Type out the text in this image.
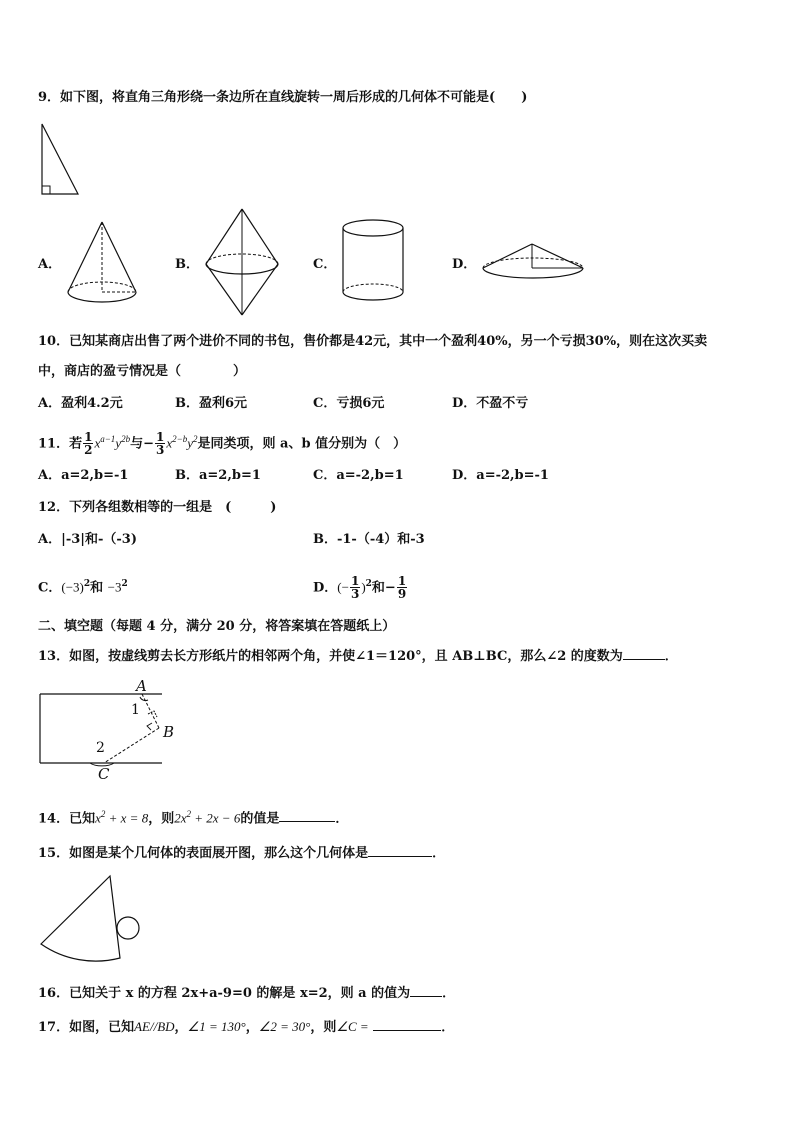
9．如下图，将直角三角形绕一条边所在直线旋转一周后形成的几何体不可能是(　　)
A．	B．	C．	D．
10．已知某商店出售了两个进价不同的书包，售价都是42元，其中一个盈利40%，另一个亏损30%，则在这次买卖
中，商店的盈亏情况是（　　　　）
A．盈利4.2元	B．盈利6元	C．亏损6元	D．不盈不亏
11．若 $\frac{1}{2} x^{a-1}y^{2b}$与− $\frac{1}{3} x^{2-b}y^2$是同类项，则 a、b 值分别为（　）
A．a=2,b=-1	B．a=2,b=1	C．a=-2,b=1	D．a=-2,b=-1
12．下列各组数相等的一组是　(　　　)
A．|-3|和-（-3)	B．-1-（-4）和-3
C．$(-3)^2$和 $-3^2$	D．(− $\frac{1}{3} )^2$和− $\frac{1}{9}$
二、填空题（每题 4 分，满分 20 分，将答案填在答题纸上）
13．如图，按虚线剪去长方形纸片的相邻两个角，并使∠1＝120°，且 AB⊥BC，那么∠2 的度数为	．
A
1
B
2
C
14．已知$x^2 + x = 8$，则$2x^2 + 2x - 6$的值是	．
15．如图是某个几何体的表面展开图，那么这个几何体是	．
16．已知关于 x 的方程 2x+a-9=0 的解是 x=2，则 a 的值为 ．
17．如图，已知AE//BD，∠1 = 130°，∠2 = 30°，则∠C =	．
